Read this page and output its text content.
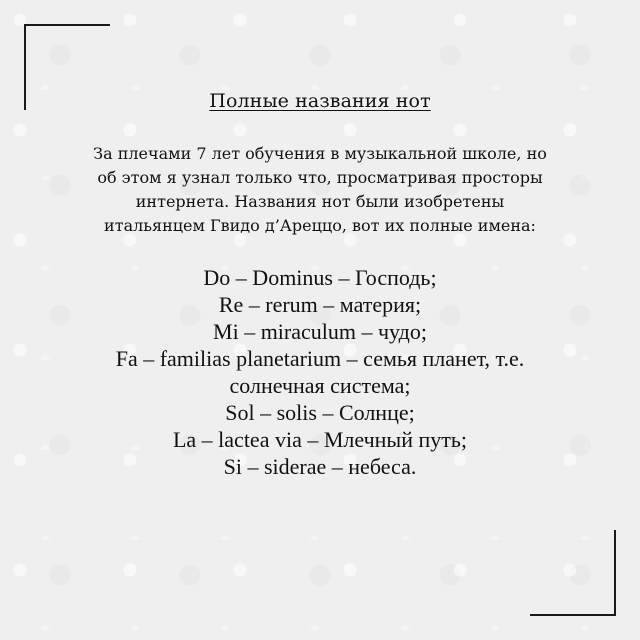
Полные названия нот

За плечами 7 лет обучения в музыкальной школе, но
об этом я узнал только что, просматривая просторы
интернета. Названия нот были изобретены
итальянцем Гвидо д’Ареццо, вот их полные имена:

Do – Dominus – Господь;
Re – rerum – материя;
Mi – miraculum – чудо;
Fa – familias planetarium – семья планет, т.е.
солнечная система;
Sol – solis – Солнце;
La – lactea via – Млечный путь;
Si – siderae – небеса.
